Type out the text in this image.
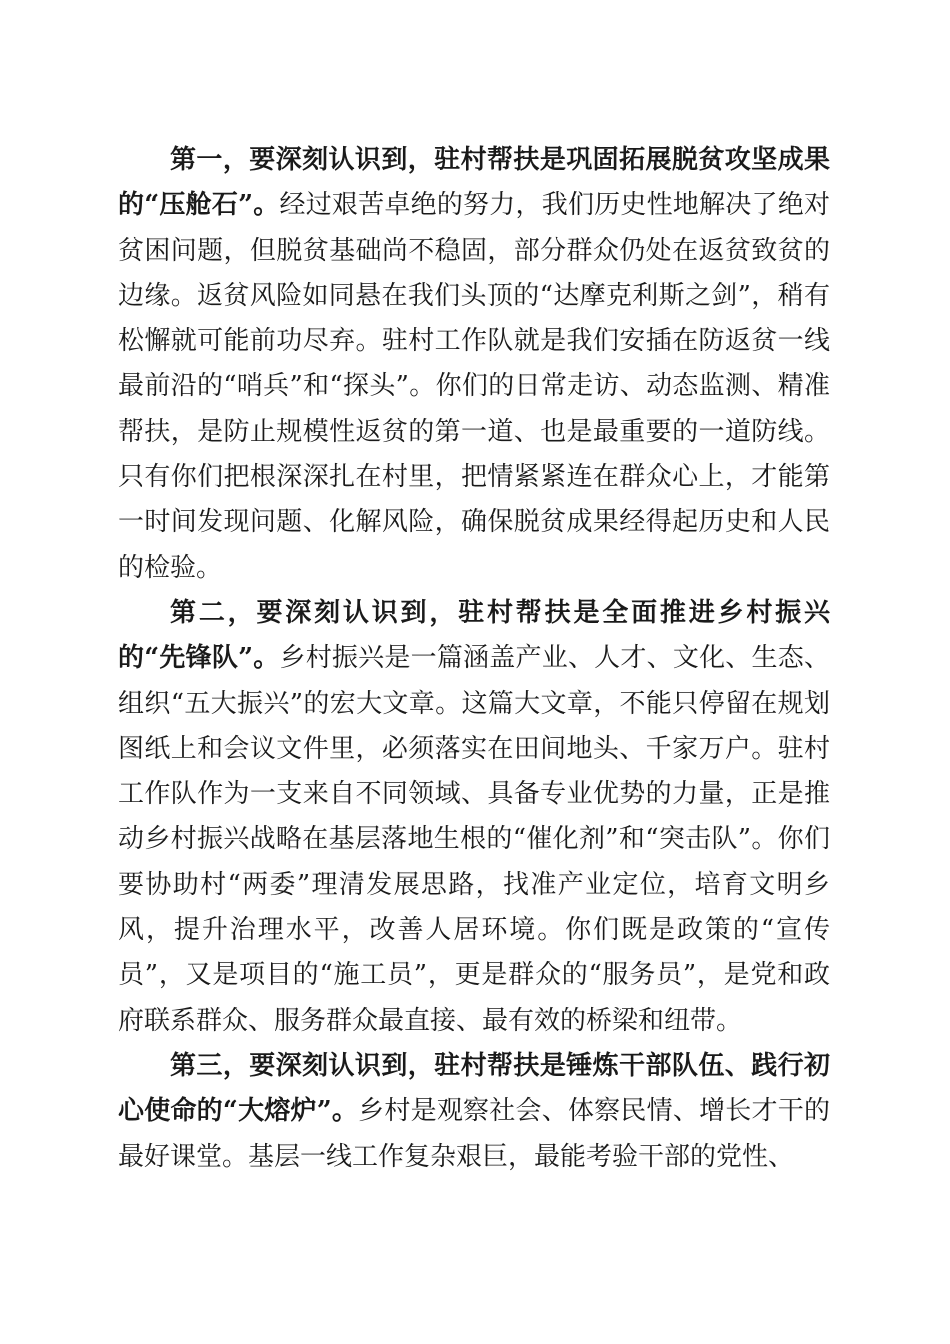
第一，要深刻认识到，驻村帮扶是巩固拓展脱贫攻坚成果的“压舱石”。经过艰苦卓绝的努力，我们历史性地解决了绝对贫困问题，但脱贫基础尚不稳固，部分群众仍处在返贫致贫的边缘。返贫风险如同悬在我们头顶的“达摩克利斯之剑”，稍有松懈就可能前功尽弃。驻村工作队就是我们安插在防返贫一线最前沿的“哨兵”和“探头”。你们的日常走访、动态监测、精准帮扶，是防止规模性返贫的第一道、也是最重要的一道防线。只有你们把根深深扎在村里，把情紧紧连在群众心上，才能第一时间发现问题、化解风险，确保脱贫成果经得起历史和人民的检验。

第二，要深刻认识到，驻村帮扶是全面推进乡村振兴的“先锋队”。乡村振兴是一篇涵盖产业、人才、文化、生态、组织“五大振兴”的宏大文章。这篇大文章，不能只停留在规划图纸上和会议文件里，必须落实在田间地头、千家万户。驻村工作队作为一支来自不同领域、具备专业优势的力量，正是推动乡村振兴战略在基层落地生根的“催化剂”和“突击队”。你们要协助村“两委”理清发展思路，找准产业定位，培育文明乡风，提升治理水平，改善人居环境。你们既是政策的“宣传员”，又是项目的“施工员”，更是群众的“服务员”，是党和政府联系群众、服务群众最直接、最有效的桥梁和纽带。

第三，要深刻认识到，驻村帮扶是锤炼干部队伍、践行初心使命的“大熔炉”。乡村是观察社会、体察民情、增长才干的最好课堂。基层一线工作复杂艰巨，最能考验干部的党性、
